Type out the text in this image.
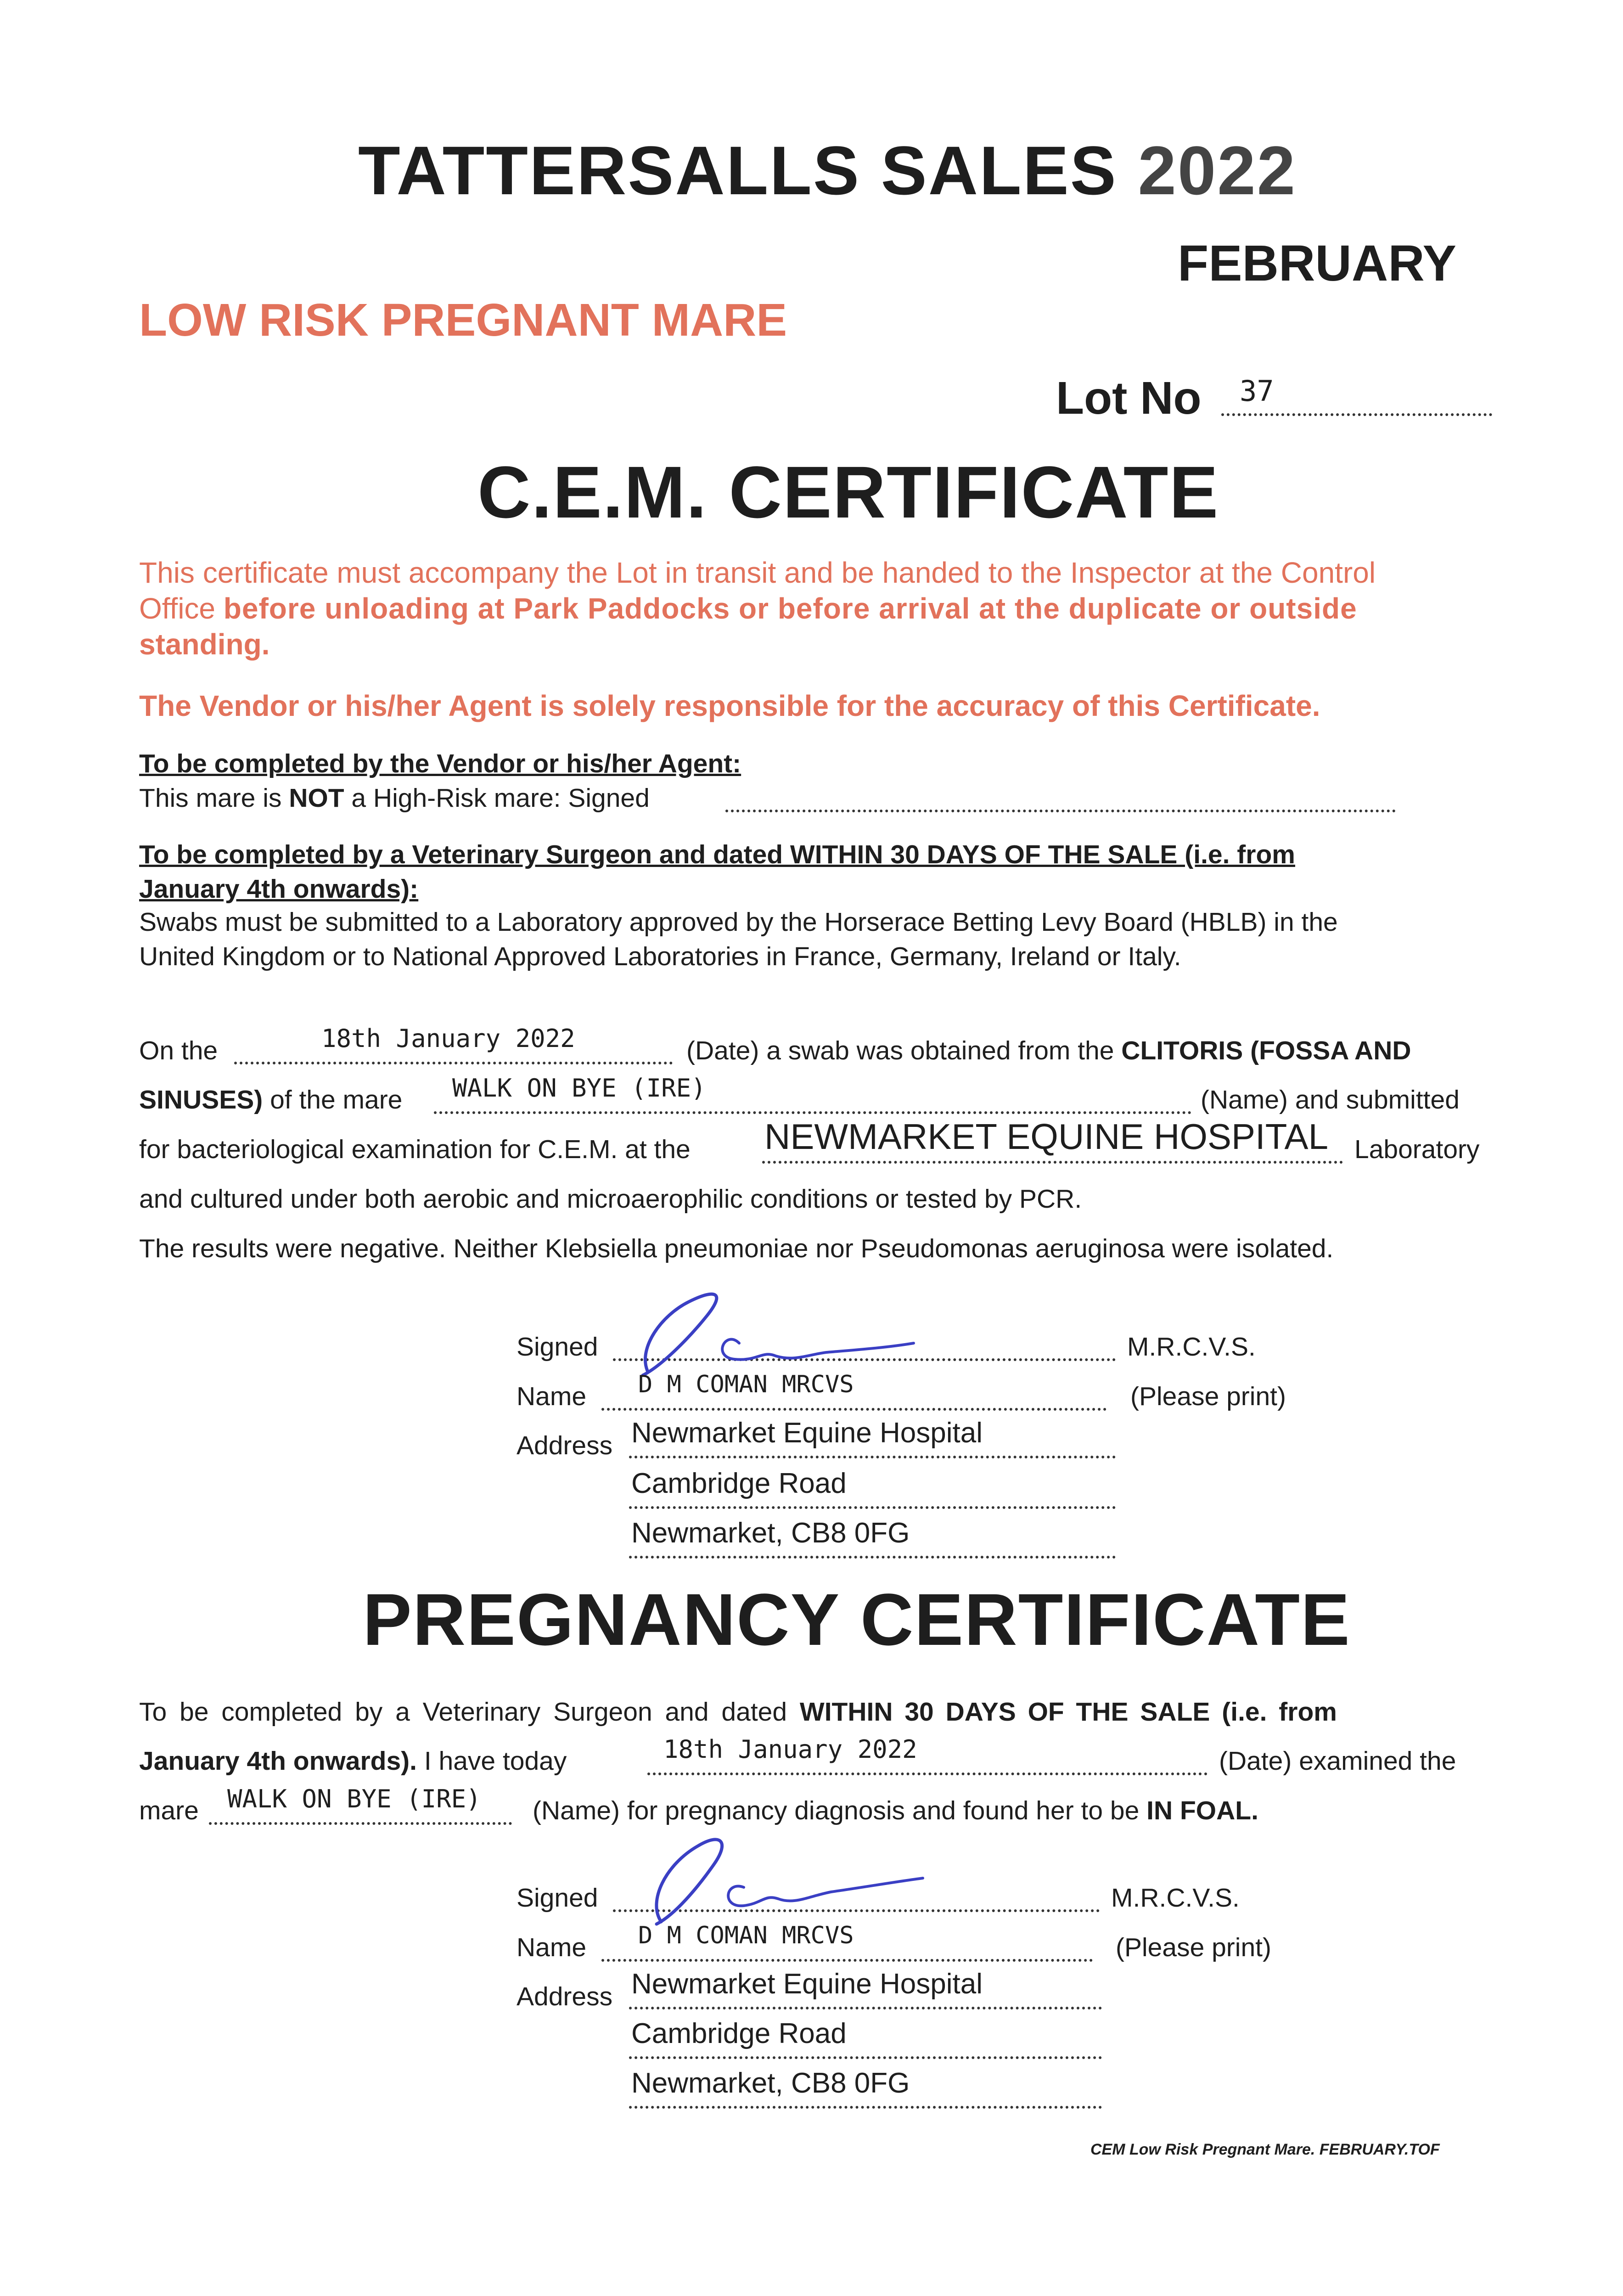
TATTERSALLS SALES 2022
FEBRUARY
LOW RISK PREGNANT MARE
Lot No 37
C.E.M. CERTIFICATE
This certificate must accompany the Lot in transit and be handed to the Inspector at the Control
Office before unloading at Park Paddocks or before arrival at the duplicate or outside
standing.
The Vendor or his/her Agent is solely responsible for the accuracy of this Certificate.
To be completed by the Vendor or his/her Agent:
This mare is NOT a High-Risk mare: Signed
To be completed by a Veterinary Surgeon and dated WITHIN 30 DAYS OF THE SALE (i.e. from
January 4th onwards):
Swabs must be submitted to a Laboratory approved by the Horserace Betting Levy Board (HBLB) in the
United Kingdom or to National Approved Laboratories in France, Germany, Ireland or Italy.
On the	18th January 2022	(Date) a swab was obtained from the CLITORIS (FOSSA AND
SINUSES) of the mare WALK ON BYE (IRE)	(Name) and submitted
for bacteriological examination for C.E.M. at the NEWMARKET EQUINE HOSPITAL Laboratory
and cultured under both aerobic and microaerophilic conditions or tested by PCR.
The results were negative. Neither Klebsiella pneumoniae nor Pseudomonas aeruginosa were isolated.
Signed	M.R.C.V.S.
Name D M COMAN MRCVS	(Please print)
Address Newmarket Equine Hospital
Cambridge Road
Newmarket, CB8 0FG
PREGNANCY CERTIFICATE
To be completed by a Veterinary Surgeon and dated WITHIN 30 DAYS OF THE SALE (i.e. from
January 4th onwards). I have today	18th January 2022	(Date) examined the
mare WALK ON BYE (IRE) (Name) for pregnancy diagnosis and found her to be IN FOAL.
Signed	M.R.C.V.S.
Name D M COMAN MRCVS	(Please print)
Address Newmarket Equine Hospital
Cambridge Road
Newmarket, CB8 0FG
CEM Low Risk Pregnant Mare. FEBRUARY.TOF
